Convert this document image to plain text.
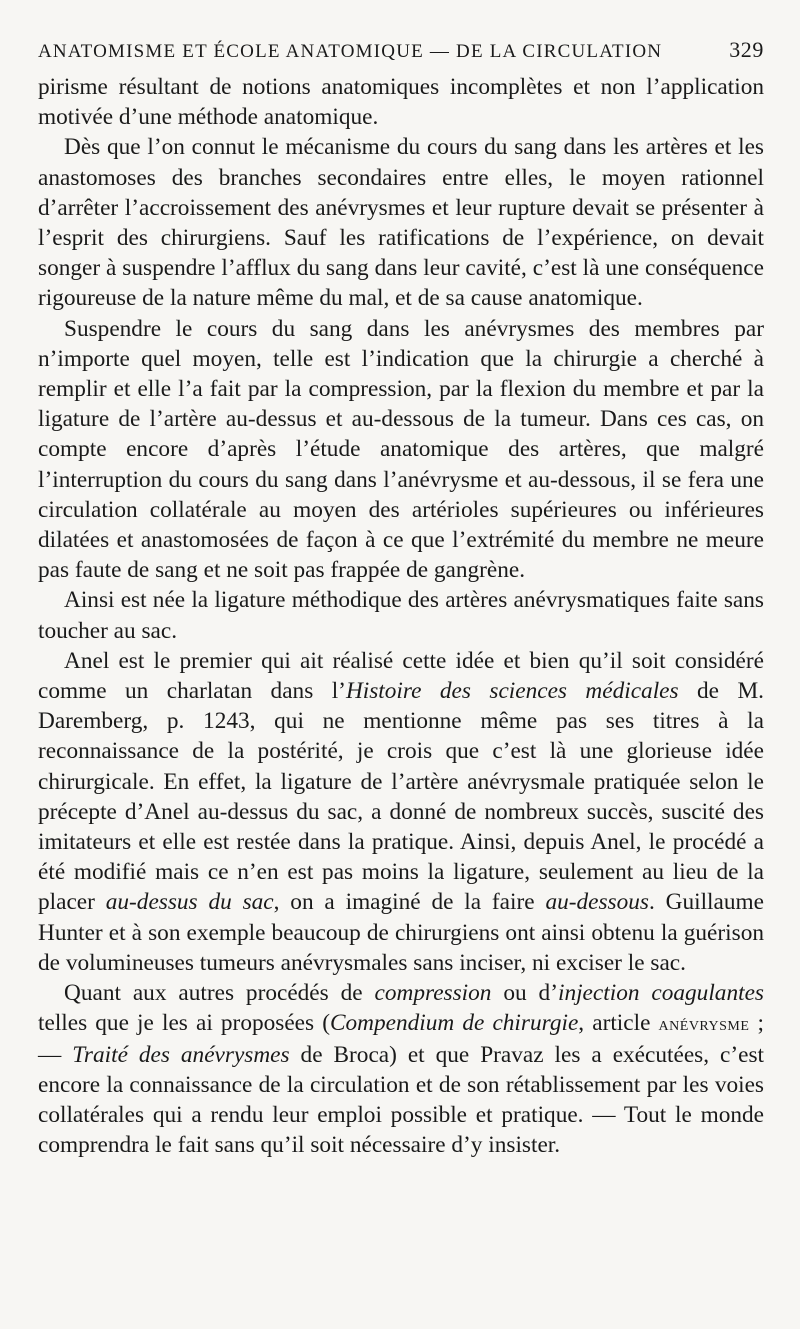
ANATOMISME ET ÉCOLE ANATOMIQUE — DE LA CIRCULATION	329

pirisme résultant de notions anatomiques incomplètes et non l’application motivée d’une méthode anatomique.

Dès que l’on connut le mécanisme du cours du sang dans les artères et les anastomoses des branches secondaires entre elles, le moyen rationnel d’arrêter l’accroissement des anévrysmes et leur rupture devait se présenter à l’esprit des chirurgiens. Sauf les ratifications de l’expérience, on devait songer à suspendre l’afflux du sang dans leur cavité, c’est là une conséquence rigoureuse de la nature même du mal, et de sa cause anatomique.

Suspendre le cours du sang dans les anévrysmes des membres par n’importe quel moyen, telle est l’indication que la chirurgie a cherché à remplir et elle l’a fait par la compression, par la flexion du membre et par la ligature de l’artère au-dessus et au-dessous de la tumeur. Dans ces cas, on compte encore d’après l’étude anatomique des artères, que malgré l’interruption du cours du sang dans l’anévrysme et au-dessous, il se fera une circulation collatérale au moyen des artérioles supérieures ou inférieures dilatées et anastomosées de façon à ce que l’extrémité du membre ne meure pas faute de sang et ne soit pas frappée de gangrène.

Ainsi est née la ligature méthodique des artères anévrysmatiques faite sans toucher au sac.

Anel est le premier qui ait réalisé cette idée et bien qu’il soit considéré comme un charlatan dans l’Histoire des sciences médicales de M. Daremberg, p. 1243, qui ne mentionne même pas ses titres à la reconnaissance de la postérité, je crois que c’est là une glorieuse idée chirurgicale. En effet, la ligature de l’artère anévrysmale pratiquée selon le précepte d’Anel au-dessus du sac, a donné de nombreux succès, suscité des imitateurs et elle est restée dans la pratique. Ainsi, depuis Anel, le procédé a été modifié mais ce n’en est pas moins la ligature, seulement au lieu de la placer au-dessus du sac, on a imaginé de la faire au-dessous. Guillaume Hunter et à son exemple beaucoup de chirurgiens ont ainsi obtenu la guérison de volumineuses tumeurs anévrysmales sans inciser, ni exciser le sac.

Quant aux autres procédés de compression ou d’injection coagulantes telles que je les ai proposées (Compendium de chirurgie, article anévrysme ; — Traité des anévrysmes de Broca) et que Pravaz les a exécutées, c’est encore la connaissance de la circulation et de son rétablissement par les voies collatérales qui a rendu leur emploi possible et pratique. — Tout le monde comprendra le fait sans qu’il soit nécessaire d’y insister.
